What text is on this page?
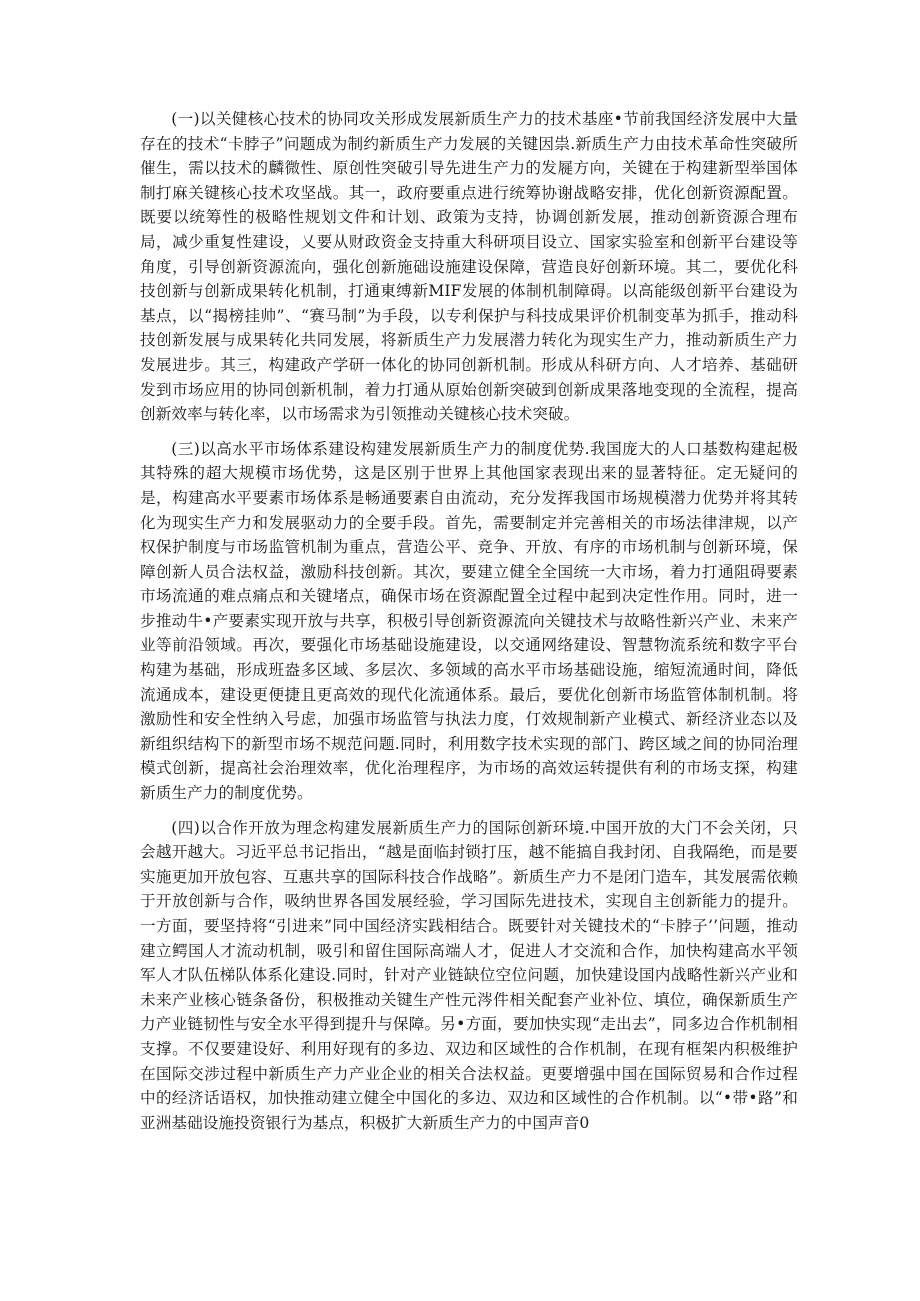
(一)以关健核心技术的协同攻关形成发展新质生产力的技术基座•节前我国经济发展中大量存在的技术“卡脖子”问题成为制约新质生产力发展的关键因祟.新质生产力由技术革命性突破所催生，需以技术的麟微性、原创性突破引导先进生产力的发屣方向，关键在于构建新型举国体制打麻关键核心技术攻坚战。其一，政府要重点进行统筹协谢战略安排，优化创新资源配置。既要以统筹性的极略性规划文件和计划、政策为支持，协调创新发展，推动创新资源合理布局，减少重复性建设，乂要从财政资金支持重大科研项目设立、国家实验室和创新平台建设等角度，引导创新资源流向，强化创新施础设施建设保障，营造良好创新环境。其二，要优化科技创新与创新成果转化机制，打通東缚新MIF发展的体制机制障碍。以高能级创新平台建设为基点，以“揭榜挂帅”、“赛马制”为手段，以专利保护与科技成果评价机制变革为抓手，推动科技创新发展与成果转化共同发展，将新质生产力发展潜力转化为现实生产力，推动新质生产力发展进步。其三，构建政产学研一体化的协同创新机制。形成从科研方向、人才培养、基础研发到市场应用的协同创新机制，着力打通从原始创新突破到创新成果落地变现的全流程，提高创新效率与转化率，以市场需求为引领推动关键核心技术突破。

(三)以高水平市场体系建设构建发展新质生产力的制度优势.我国庞大的人口基数构建起极其特殊的超大规模市场优势，这是区别于世界上其他国家表现出来的显著特征。定无疑问的是，构建高水平要素市场体系是畅通要素自由流动，充分发挥我国市场规模潜力优势并将其转化为现实生产力和发展驱动力的全要手段。首先，需要制定并完善相关的市场法律津规，以产权保护制度与市场监管机制为重点，营造公平、竞争、开放、有序的市场机制与创新环境，保障创新人员合法权益，激励科技创新。其次，要建立健全全国统一大市场，着力打通阻碍要素市场流通的难点痛点和关键堵点，确保市场在资源配置全过程中起到决定性作用。同时，进一步推动牛•产要素实现开放与共享，积极引导创新资源流向关键技术与故略性新兴产业、未来产业等前沿领域。再次，要强化市场基础设施建设，以交通网络建设、智慧物流系统和数字平台构建为基础，形成班盎多区域、多层次、多领域的高水平市场基础设施，缩短流通时间，降低流通成本，建设更便捷且更高效的现代化流通体系。最后，要优化创新市场监管体制机制。将激励性和安全性纳入号虑，加强市场监管与执法力度，仃效规制新产业模式、新经济业态以及新组织结构下的新型市场不规范问题.同时，利用数字技术实现的部门、跨区域之间的协同治理模式创新，提高社会治理效率，优化治理程序，为市场的高效运转提供有利的市场支探，构建新质生产力的制度优势。

(四)以合作开放为理念构建发展新质生产力的国际创新环境.中国开放的大门不会关闭，只会越开越大。习近平总书记指出，“越是面临封锁打压，越不能搞自我封闭、自我隔绝，而是要实施更加开放包容、互惠共享的国际科技合作战略”。新质生产力不是闭门造车，其发展需依赖于开放创新与合作，吸纳世界各国发展经验，学习国际先进技术，实现自主创新能力的提升。一方面，要坚持将“引进来”同中国经济实践相结合。既要针对关键技术的“卡脖子’’问题，推动建立鳄国人才流动机制，吸引和留住国际高端人才，促进人才交流和合作，加快构建高水平领军人才队伍梯队体系化建设.同时，针对产业链缺位空位问题，加快建设国内战略性新兴产业和未来产业核心链条备份，积极推动关键生产性元涔件相关配套产业补位、填位，确保新质生产力产业链韧性与安全水平得到提升与保障。另•方面，要加快实现“走出去”，同多边合作机制相支撑。不仅要建设好、利用好现有的多边、双边和区域性的合作机制，在现有框架内积极维护在国际交涉过程中新质生产力产业企业的相关合法权益。更要增强中国在国际贸易和合作过程中的经济话语权，加快推动建立健全中国化的多边、双边和区域性的合作机制。以“•带•路”和亚洲基础设施投资银行为基点，积极扩大新质生产力的中国声音0
